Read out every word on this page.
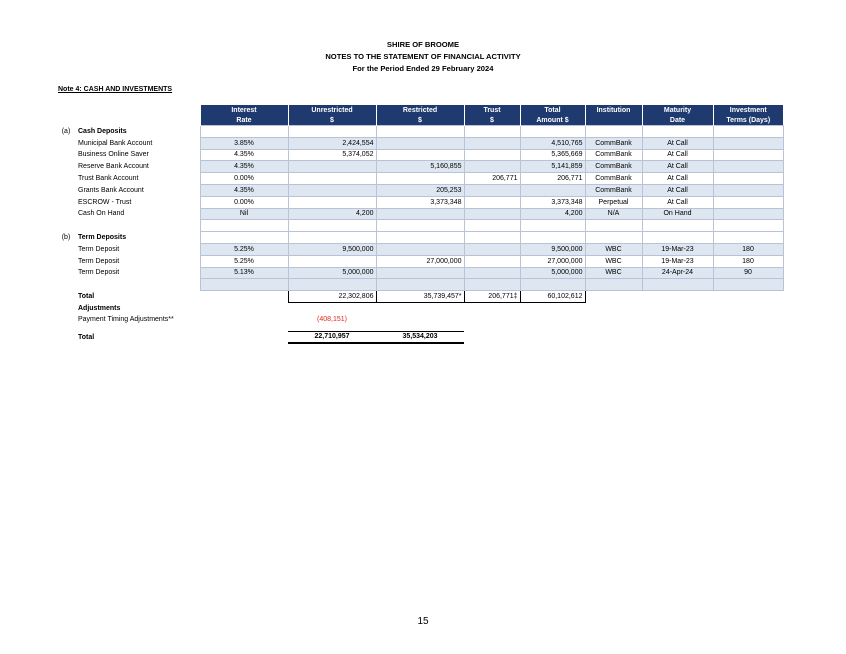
SHIRE OF BROOME
NOTES TO THE STATEMENT OF FINANCIAL ACTIVITY
For the Period Ended 29 February 2024
Note 4: CASH AND INVESTMENTS
		Interest	Unrestricted	Restricted	Trust	Total	Institution	Maturity	Investment
		Rate	$	$	$	Amount $		Date	Terms (Days)
(a)	Cash Deposits								
	Municipal Bank Account	3.85%	2,424,554			4,510,765	CommBank	At Call	
	Business Online Saver	4.35%	5,374,052			5,365,669	CommBank	At Call	
	Reserve Bank Account	4.35%		5,160,855		5,141,859	CommBank	At Call	
	Trust Bank Account	0.00%			206,771	206,771	CommBank	At Call	
	Grants Bank Account	4.35%		205,253			CommBank	At Call	
	ESCROW - Trust	0.00%		3,373,348		3,373,348	Perpetual	At Call	
	Cash On Hand	Nil	4,200			4,200	N/A	On Hand	

(b)	Term Deposits								
	Term Deposit	5.25%	9,500,000			9,500,000	WBC	19-Mar-23	180
	Term Deposit	5.25%		27,000,000		27,000,000	WBC	19-Mar-23	180
	Term Deposit	5.13%	5,000,000			5,000,000	WBC	24-Apr-24	90

	Total		22,302,806	35,739,457*	206,771‡	60,102,612			
	Adjustments								
	Payment Timing Adjustments**		(408,151)						

	Total		22,710,957	35,534,203					
15
